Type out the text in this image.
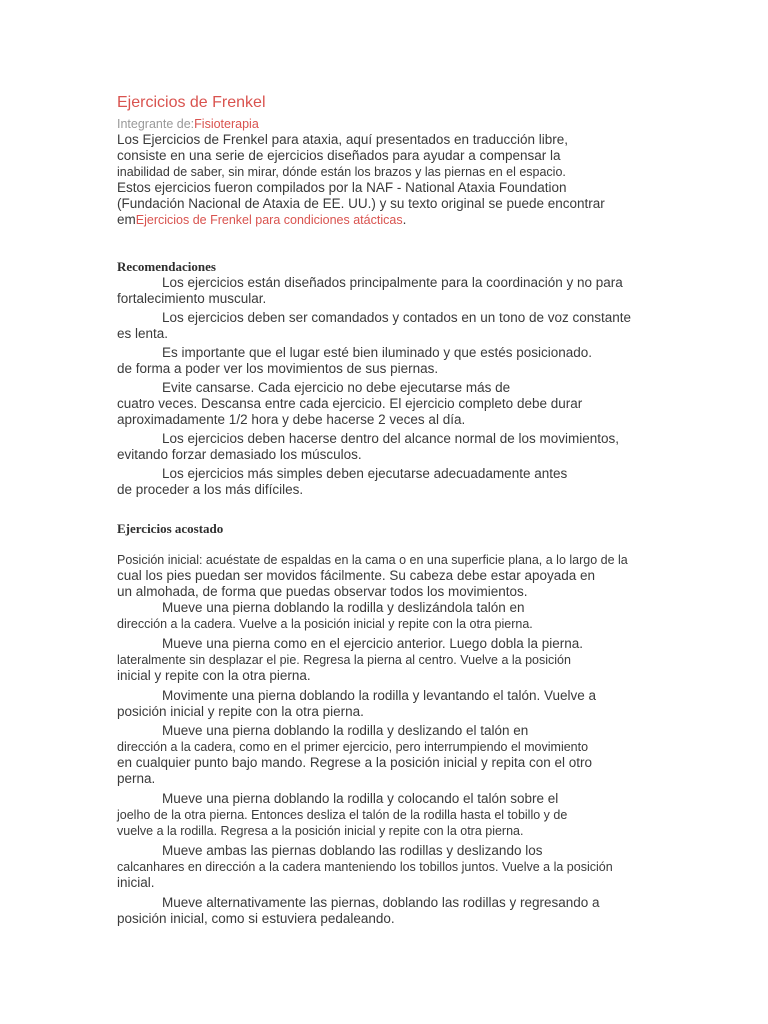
Ejercicios de Frenkel

Integrante de:Fisioterapia

Los Ejercicios de Frenkel para ataxia, aquí presentados en traducción libre,
consiste en una serie de ejercicios diseñados para ayudar a compensar la
inabilidad de saber, sin mirar, dónde están los brazos y las piernas en el espacio.
Estos ejercicios fueron compilados por la NAF - National Ataxia Foundation
(Fundación Nacional de Ataxia de EE. UU.) y su texto original se puede encontrar
emEjercicios de Frenkel para condiciones atácticas.
Recomendaciones
Los ejercicios están diseñados principalmente para la coordinación y no para
fortalecimiento muscular.
Los ejercicios deben ser comandados y contados en un tono de voz constante
es lenta.
Es importante que el lugar esté bien iluminado y que estés posicionado.
de forma a poder ver los movimientos de sus piernas.
Evite cansarse. Cada ejercicio no debe ejecutarse más de
cuatro veces. Descansa entre cada ejercicio. El ejercicio completo debe durar
aproximadamente 1/2 hora y debe hacerse 2 veces al día.
Los ejercicios deben hacerse dentro del alcance normal de los movimientos,
evitando forzar demasiado los músculos.
Los ejercicios más simples deben ejecutarse adecuadamente antes
de proceder a los más difíciles.
Ejercicios acostado
Posición inicial: acuéstate de espaldas en la cama o en una superficie plana, a lo largo de la
cual los pies puedan ser movidos fácilmente. Su cabeza debe estar apoyada en
un almohada, de forma que puedas observar todos los movimientos.
Mueve una pierna doblando la rodilla y deslizándola talón en
dirección a la cadera. Vuelve a la posición inicial y repite con la otra pierna.
Mueve una pierna como en el ejercicio anterior. Luego dobla la pierna.
lateralmente sin desplazar el pie. Regresa la pierna al centro. Vuelve a la posición
inicial y repite con la otra pierna.
Movimente una pierna doblando la rodilla y levantando el talón. Vuelve a
posición inicial y repite con la otra pierna.
Mueve una pierna doblando la rodilla y deslizando el talón en
dirección a la cadera, como en el primer ejercicio, pero interrumpiendo el movimiento
en cualquier punto bajo mando. Regrese a la posición inicial y repita con el otro
perna.
Mueve una pierna doblando la rodilla y colocando el talón sobre el
joelho de la otra pierna. Entonces desliza el talón de la rodilla hasta el tobillo y de
vuelve a la rodilla. Regresa a la posición inicial y repite con la otra pierna.
Mueve ambas las piernas doblando las rodillas y deslizando los
calcanhares en dirección a la cadera manteniendo los tobillos juntos. Vuelve a la posición
inicial.
Mueve alternativamente las piernas, doblando las rodillas y regresando a
posición inicial, como si estuviera pedaleando.
